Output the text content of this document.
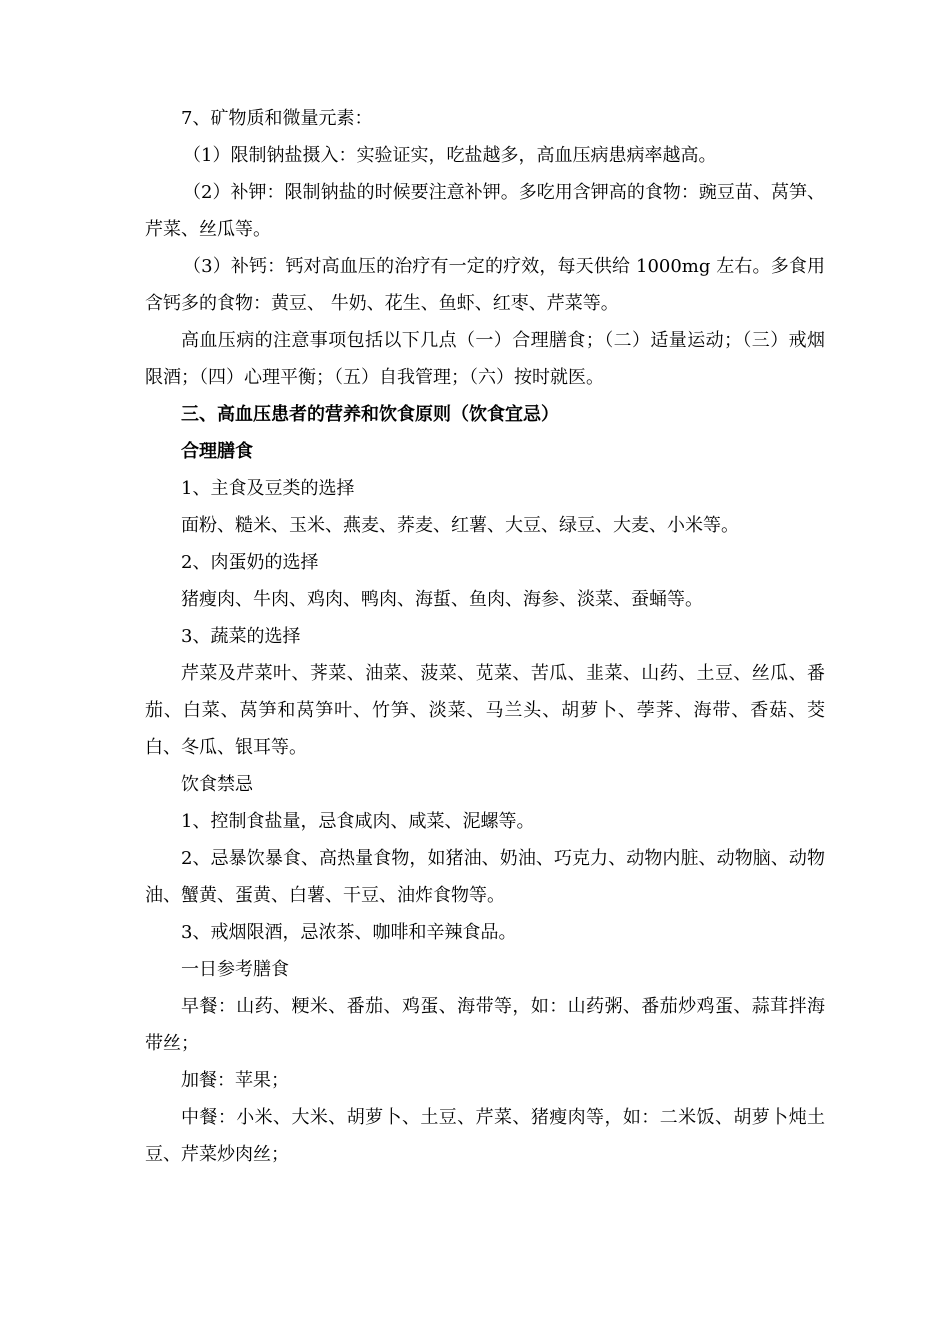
7、矿物质和微量元素：

（1）限制钠盐摄入：实验证实，吃盐越多，高血压病患病率越高。

（2）补钾：限制钠盐的时候要注意补钾。多吃用含钾高的食物：豌豆苗、莴笋、芹菜、丝瓜等。

（3）补钙：钙对高血压的治疗有一定的疗效，每天供给 1000mg 左右。多食用含钙多的食物：黄豆、 牛奶、花生、鱼虾、红枣、芹菜等。

高血压病的注意事项包括以下几点（一）合理膳食；（二）适量运动；（三）戒烟限酒；（四）心理平衡；（五）自我管理；（六）按时就医。

三、高血压患者的营养和饮食原则（饮食宜忌）

合理膳食

1、主食及豆类的选择

面粉、糙米、玉米、燕麦、荞麦、红薯、大豆、绿豆、大麦、小米等。

2、肉蛋奶的选择

猪瘦肉、牛肉、鸡肉、鸭肉、海蜇、鱼肉、海参、淡菜、蚕蛹等。

3、蔬菜的选择

芹菜及芹菜叶、荠菜、油菜、菠菜、苋菜、苦瓜、韭菜、山药、土豆、丝瓜、番茄、白菜、莴笋和莴笋叶、竹笋、淡菜、马兰头、胡萝卜、荸荠、海带、香菇、茭白、冬瓜、银耳等。

饮食禁忌

1、控制食盐量，忌食咸肉、咸菜、泥螺等。

2、忌暴饮暴食、高热量食物，如猪油、奶油、巧克力、动物内脏、动物脑、动物油、蟹黄、蛋黄、白薯、干豆、油炸食物等。

3、戒烟限酒，忌浓茶、咖啡和辛辣食品。

一日参考膳食

早餐：山药、粳米、番茄、鸡蛋、海带等，如：山药粥、番茄炒鸡蛋、蒜茸拌海带丝；

加餐：苹果；

中餐：小米、大米、胡萝卜、土豆、芹菜、猪瘦肉等，如：二米饭、胡萝卜炖土豆、芹菜炒肉丝；
